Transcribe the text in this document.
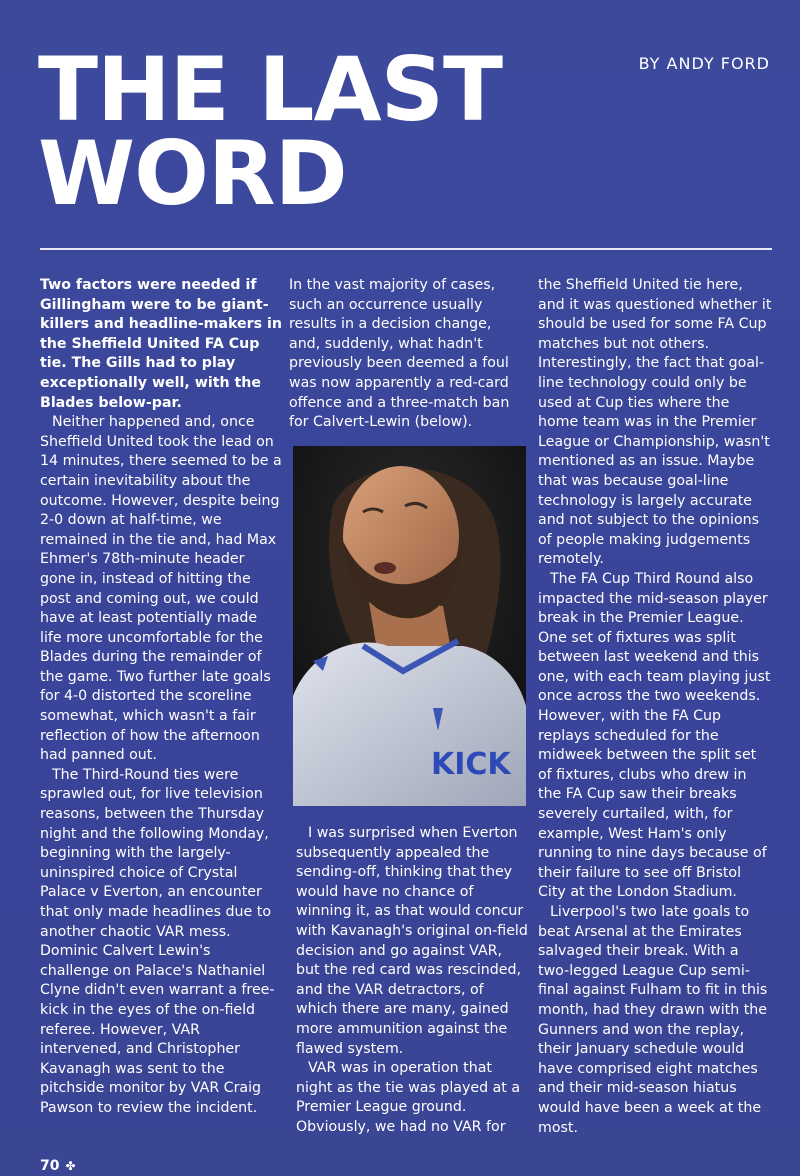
THE LAST
WORD
BY ANDY FORD

Two factors were needed if Gillingham were to be giant-killers and headline-makers in the Sheffield United FA Cup tie. The Gills had to play exceptionally well, with the Blades below-par.

Neither happened and, once Sheffield United took the lead on 14 minutes, there seemed to be a certain inevitability about the outcome. However, despite being 2-0 down at half-time, we remained in the tie and, had Max Ehmer's 78th-minute header gone in, instead of hitting the post and coming out, we could have at least potentially made life more uncomfortable for the Blades during the remainder of the game. Two further late goals for 4-0 distorted the scoreline somewhat, which wasn't a fair reflection of how the afternoon had panned out.

The Third-Round ties were sprawled out, for live television reasons, between the Thursday night and the following Monday, beginning with the largely-uninspired choice of Crystal Palace v Everton, an encounter that only made headlines due to another chaotic VAR mess. Dominic Calvert Lewin's challenge on Palace's Nathaniel Clyne didn't even warrant a free-kick in the eyes of the on-field referee. However, VAR intervened, and Christopher Kavanagh was sent to the pitchside monitor by VAR Craig Pawson to review the incident.

In the vast majority of cases, such an occurrence usually results in a decision change, and, suddenly, what hadn't previously been deemed a foul was now apparently a red-card offence and a three-match ban for Calvert-Lewin (below).

KICK

I was surprised when Everton subsequently appealed the sending-off, thinking that they would have no chance of winning it, as that would concur with Kavanagh's original on-field decision and go against VAR, but the red card was rescinded, and the VAR detractors, of which there are many, gained more ammunition against the flawed system.

VAR was in operation that night as the tie was played at a Premier League ground. Obviously, we had no VAR for

the Sheffield United tie here, and it was questioned whether it should be used for some FA Cup matches but not others. Interestingly, the fact that goal-line technology could only be used at Cup ties where the home team was in the Premier League or Championship, wasn't mentioned as an issue. Maybe that was because goal-line technology is largely accurate and not subject to the opinions of people making judgements remotely.

The FA Cup Third Round also impacted the mid-season player break in the Premier League. One set of fixtures was split between last weekend and this one, with each team playing just once across the two weekends. However, with the FA Cup replays scheduled for the midweek between the split set of fixtures, clubs who drew in the FA Cup saw their breaks severely curtailed, with, for example, West Ham's only running to nine days because of their failure to see off Bristol City at the London Stadium.

Liverpool's two late goals to beat Arsenal at the Emirates salvaged their break. With a two-legged League Cup semi-final against Fulham to fit in this month, had they drawn with the Gunners and won the replay, their January schedule would have comprised eight matches and their mid-season hiatus would have been a week at the most.

70 ✤
